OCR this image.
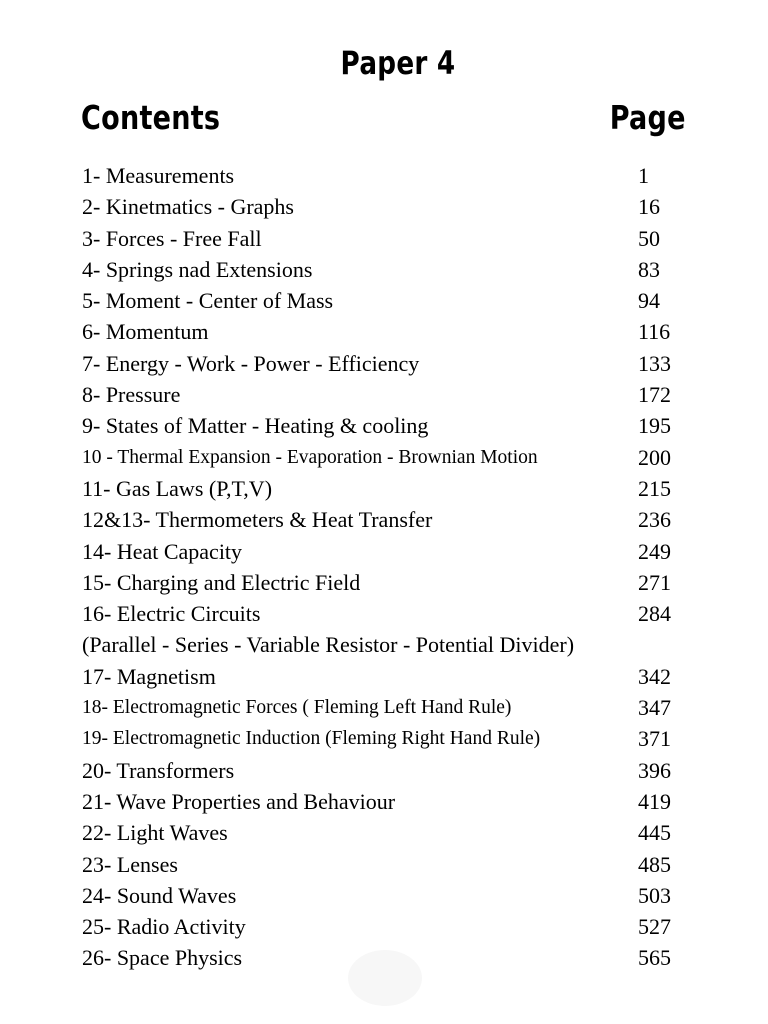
Paper 4
Contents	Page
1- Measurements	1
2- Kinetmatics - Graphs	16
3- Forces - Free Fall	50
4- Springs nad Extensions	83
5- Moment - Center of Mass	94
6- Momentum	116
7- Energy - Work - Power - Efficiency	133
8- Pressure	172
9- States of Matter - Heating & cooling	195
10 - Thermal Expansion - Evaporation - Brownian Motion	200
11- Gas Laws (P,T,V)	215
12&13- Thermometers & Heat Transfer	236
14- Heat Capacity	249
15- Charging and Electric Field	271
16- Electric Circuits	284
(Parallel - Series - Variable Resistor - Potential Divider)
17- Magnetism	342
18- Electromagnetic Forces ( Fleming Left Hand Rule)	347
19- Electromagnetic Induction (Fleming Right Hand Rule)	371
20- Transformers	396
21- Wave Properties and Behaviour	419
22- Light Waves	445
23- Lenses	485
24- Sound Waves	503
25- Radio Activity	527
26- Space Physics	565
